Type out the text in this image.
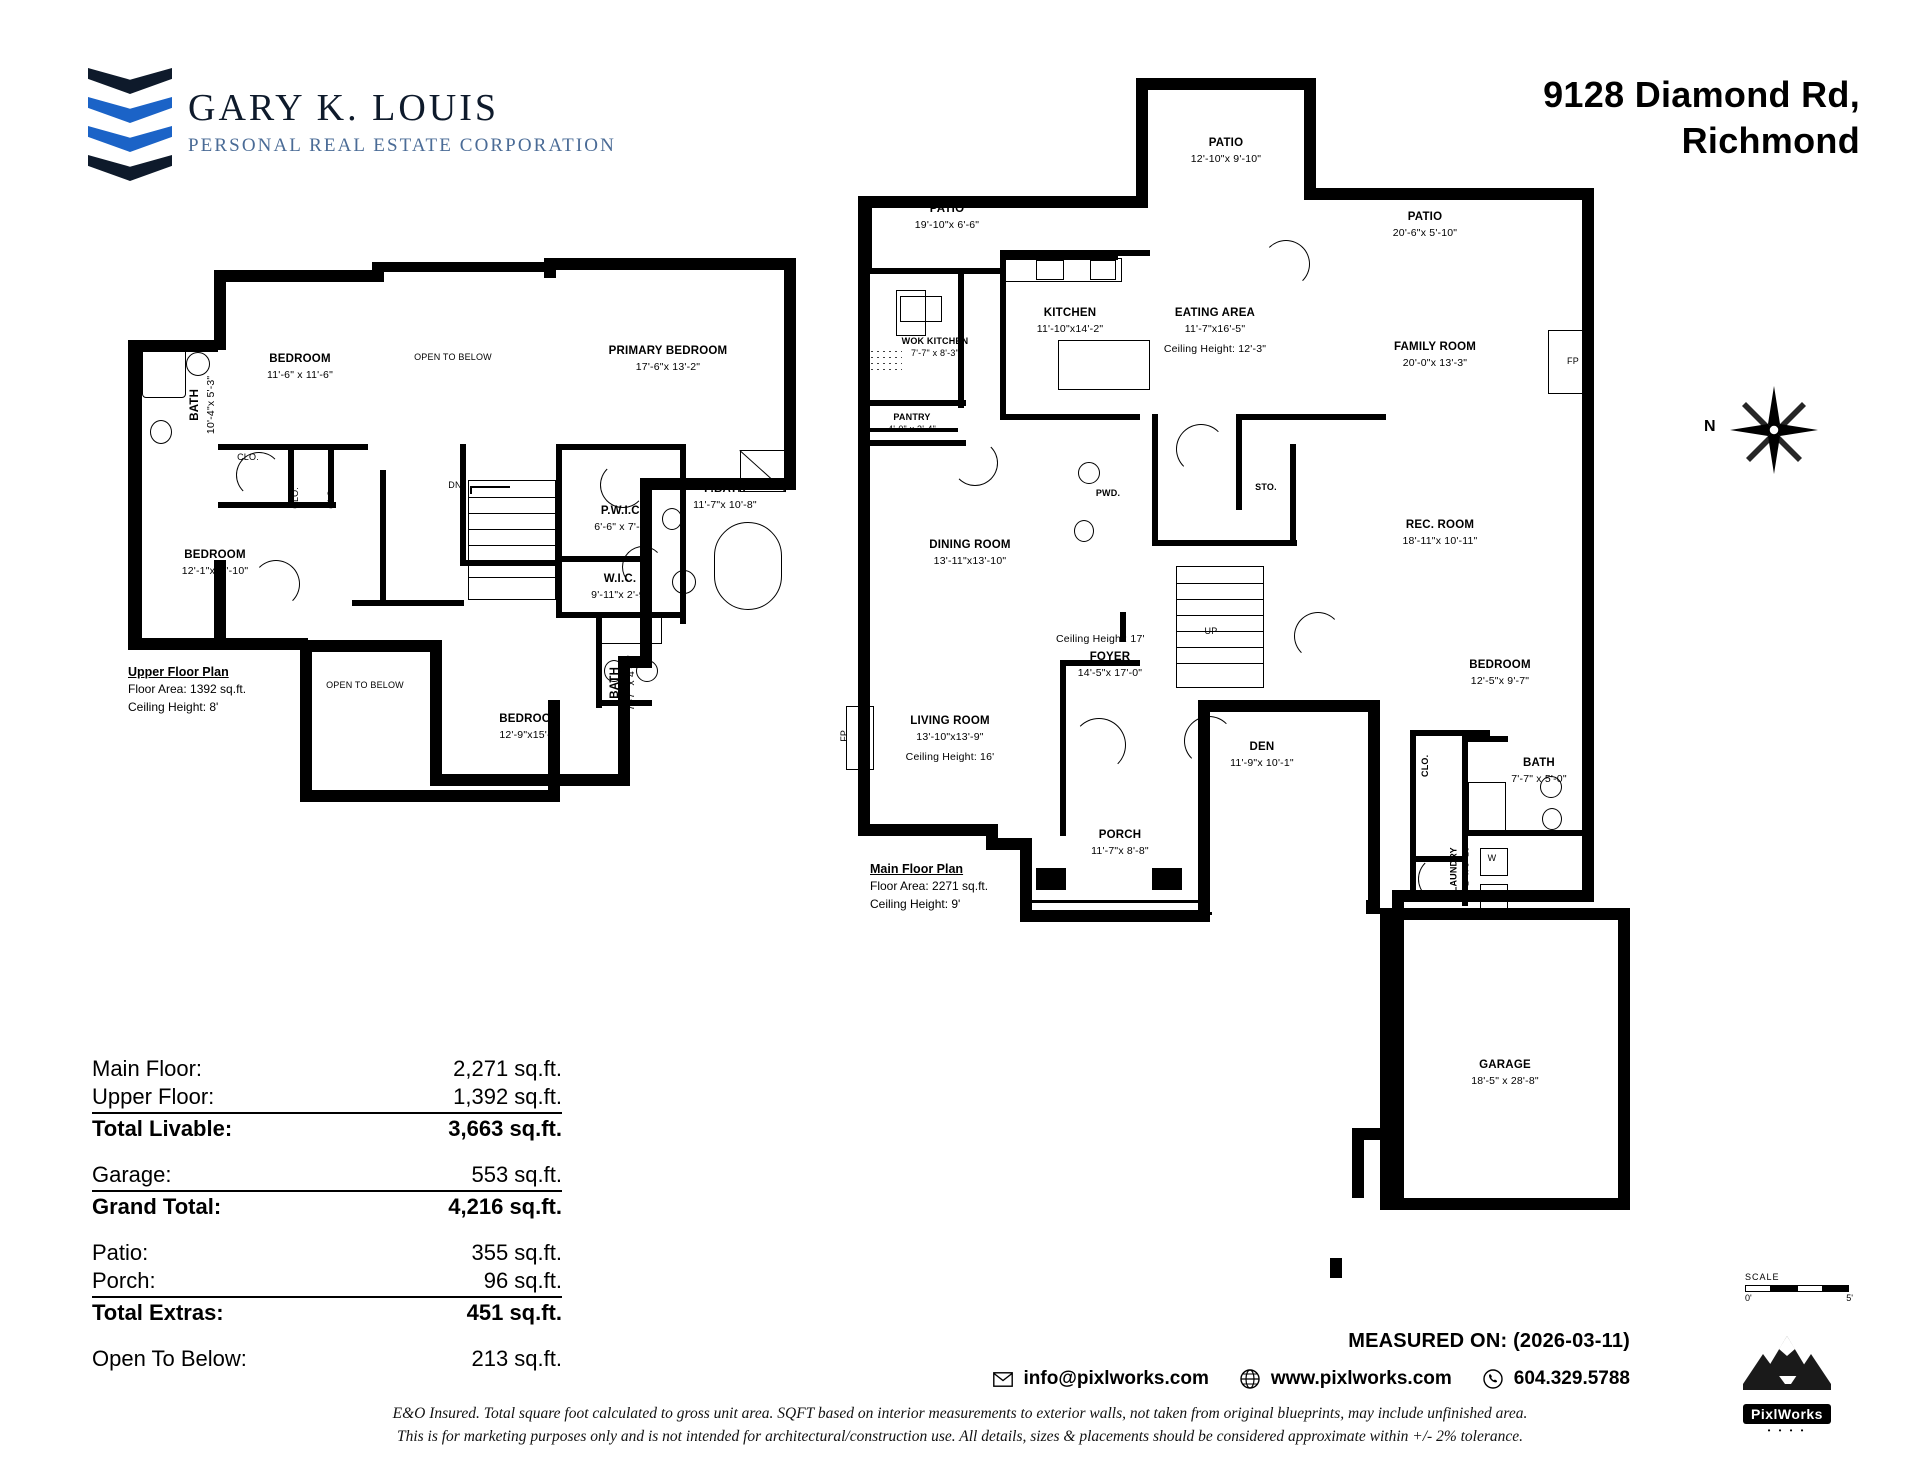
GARY K. LOUIS
PERSONAL REAL ESTATE CORPORATION
9128 Diamond Rd,
Richmond
DN
BEDROOM
11'-6" x 11'-6"
PRIMARY BEDROOM
17'-6"x 13'-2"
BEDROOM
12'-1"x11'-10"
BEDROOM
12'-9"x15'-9"
P.BATH
11'-7"x 10'-8"
P.W.I.C.
6'-6" x 7'-7"
W.I.C.
9'-11"x 2'-9"
BATH 10'-4"x 5'-3"
BATH 7'-7" x 4'-1"
OPEN TO BELOW
OPEN TO BELOW
CLO.
CLO.	CLO.
Upper Floor Plan
Floor Area: 1392 sq.ft.
Ceiling Height: 8'
PATIO
12'-10"x 9'-10"
PATIO
19'-10"x 6'-6"
PATIO
20'-6"x 5'-10"
KITCHEN
11'-10"x14'-2"
WOK KITCHEN
7'-7" x 8'-3"
PANTRY
4'-0" x 3'-4"
EATING AREA
11'-7"x16'-5"
Ceiling Height: 12'-3"	FAMILY ROOM
20'-0"x 13'-3"
REC. ROOM
18'-11"x 10'-11"
DINING ROOM
13'-11"x13'-10"
FOYER
14'-5"x 17'-0"
Ceiling Height: 17'
LIVING ROOM
13'-10"x13'-9"
Ceiling Height: 16'
DEN
11'-9"x 10'-1"
PORCH
11'-7"x 8'-8"
BEDROOM
12'-5"x 9'-7"
BATH
7'-7" x 5'-0"
LAUNDRY 8'-1" x 5'-10"
GARAGE
18'-5" x 28'-8"
PWD.
STO.
CLO.
UP
FP
FP
W
D
Main Floor Plan
Floor Area: 2271 sq.ft.
Ceiling Height: 9'
N
Main Floor:	2,271 sq.ft.
Upper Floor:	1,392 sq.ft.
Total Livable:	3,663 sq.ft.
Garage:	553 sq.ft.
Grand Total:	4,216 sq.ft.
Patio:	355 sq.ft.
Porch:	96 sq.ft.
Total Extras:	451 sq.ft.
Open To Below:	213 sq.ft.
SCALE
0'	5'
MEASURED ON: (2026-03-11)
info@pixlworks.com	www.pixlworks.com	604.329.5788
PixlWorks
• • • •
E&O Insured. Total square foot calculated to gross unit area. SQFT based on interior measurements to exterior walls, not taken from original blueprints, may include unfinished area.
This is for marketing purposes only and is not intended for architectural/construction use. All details, sizes & placements should be considered approximate within +/- 2% tolerance.
